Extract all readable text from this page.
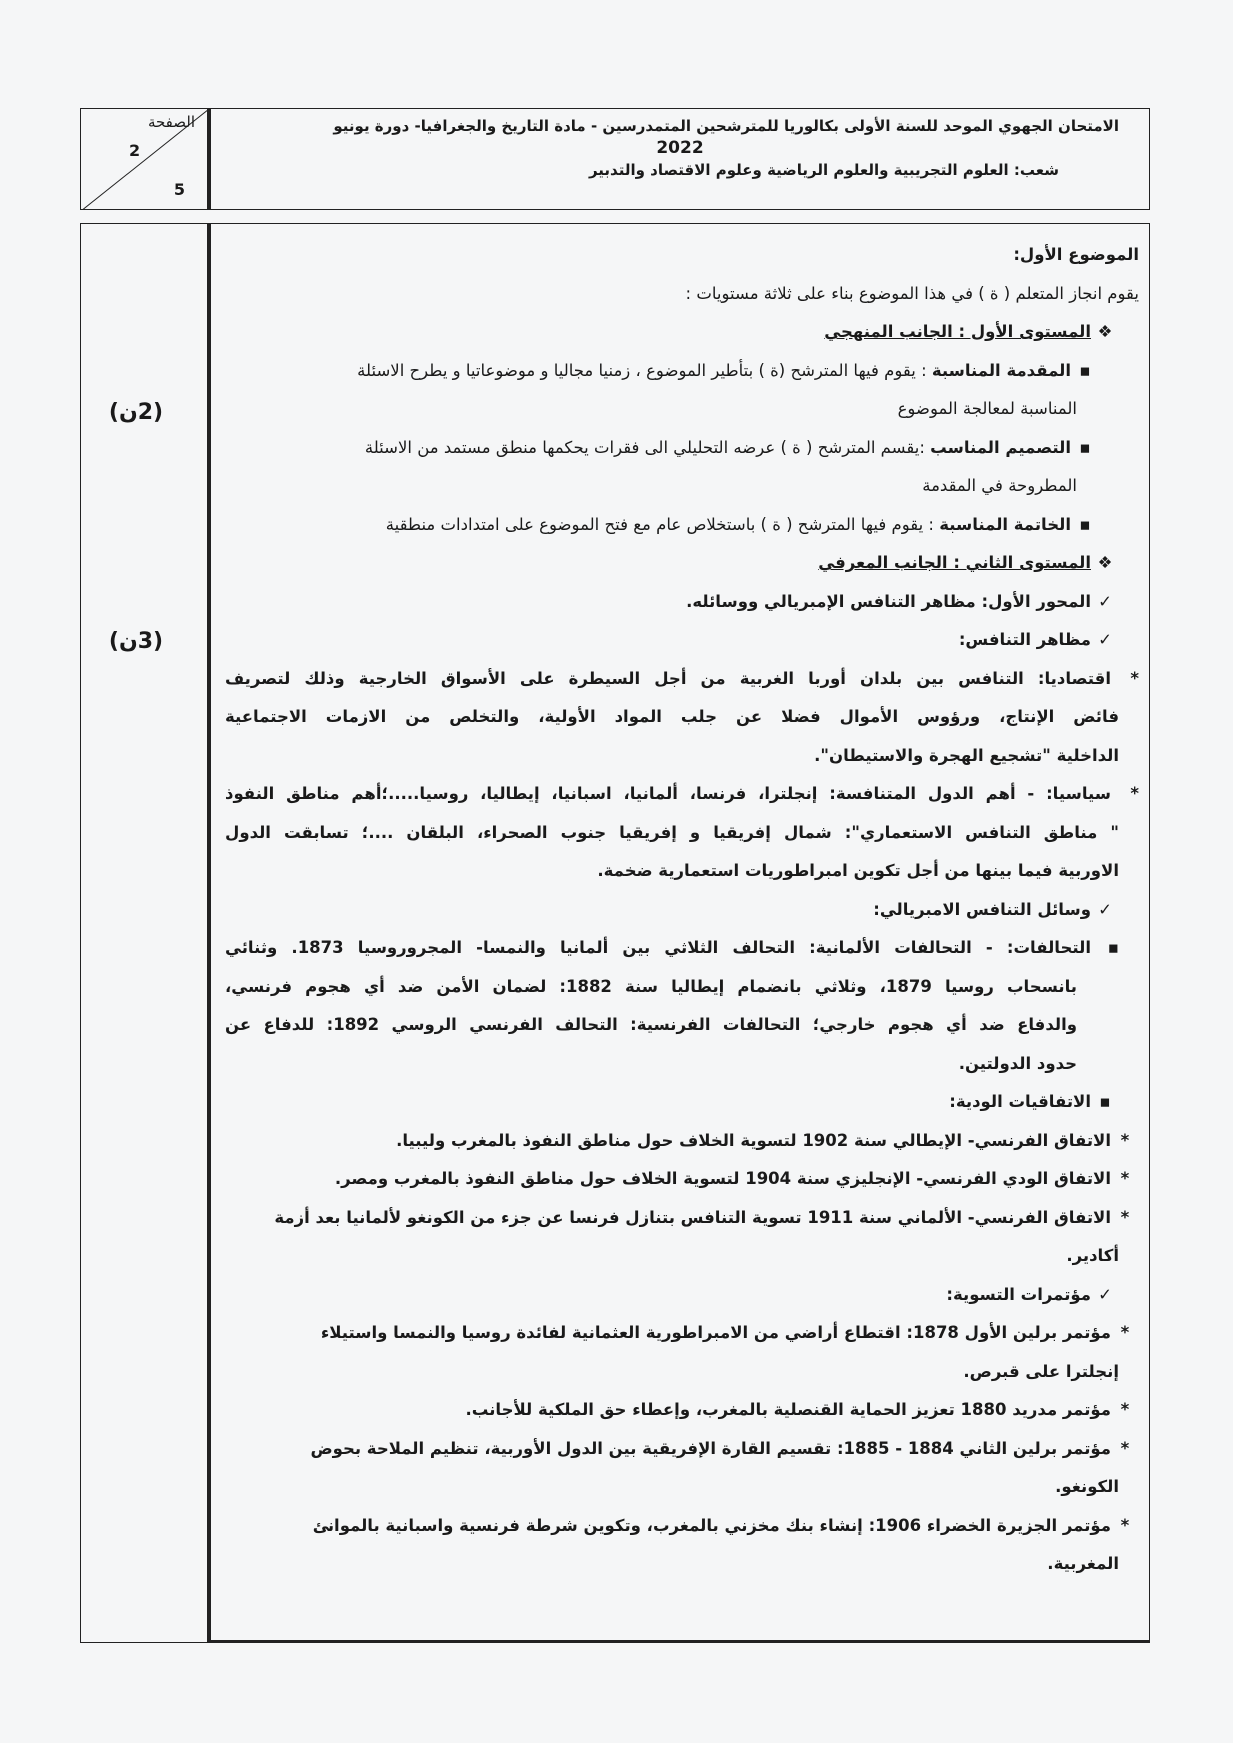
الصفحة
2
5
الامتحان الجهوي الموحد للسنة الأولى بكالوريا للمترشحين المتمدرسين - مادة التاريخ والجغرافيا- دورة يونيو
2022
شعب: العلوم التجريبية والعلوم الرياضية وعلوم الاقتصاد والتدبير
(2ن)
(3ن)
الموضوع الأول:
يقوم انجاز المتعلم ( ة ) في هذا الموضوع بناء على ثلاثة مستويات :
❖المستوى الأول : الجانب المنهجي
▪المقدمة المناسبة : يقوم فيها المترشح (ة ) بتأطير الموضوع ، زمنيا مجاليا و موضوعاتيا و يطرح الاسئلة
المناسبة لمعالجة الموضوع
▪التصميم المناسب :يقسم المترشح ( ة ) عرضه التحليلي الى فقرات يحكمها منطق مستمد من الاسئلة
المطروحة في المقدمة
▪الخاتمة المناسبة : يقوم فيها المترشح ( ة ) باستخلاص عام مع فتح الموضوع على امتدادات منطقية
❖المستوى الثاني : الجانب المعرفي
✓المحور الأول: مظاهر التنافس الإمبريالي ووسائله.
✓مظاهر التنافس:
*اقتصاديا: التنافس بين بلدان أوربا الغربية من أجل السيطرة على الأسواق الخارجية وذلك لتصريف
فائض الإنتاج، ورؤوس الأموال فضلا عن جلب المواد الأولية، والتخلص من الازمات الاجتماعية
الداخلية "تشجيع الهجرة والاستيطان".
*سياسيا: - أهم الدول المتنافسة: إنجلترا، فرنسا، ألمانيا، اسبانيا، إيطاليا، روسيا.....؛أهم مناطق النفوذ
" مناطق التنافس الاستعماري": شمال إفريقيا و إفريقيا جنوب الصحراء، البلقان ....؛ تسابقت الدول
الاوربية فيما بينها من أجل تكوين امبراطوريات استعمارية ضخمة.
✓وسائل التنافس الامبريالي:
▪التحالفات: - التحالفات الألمانية: التحالف الثلاثي بين ألمانيا والنمسا- المجروروسيا 1873. وثنائي
بانسحاب روسيا 1879، وثلاثي بانضمام إيطاليا سنة 1882: لضمان الأمن ضد أي هجوم فرنسي،
والدفاع ضد أي هجوم خارجي؛ التحالفات الفرنسية: التحالف الفرنسي الروسي 1892: للدفاع عن
حدود الدولتين.
▪الاتفاقيات الودية:
*الاتفاق الفرنسي- الإيطالي سنة 1902 لتسوية الخلاف حول مناطق النفوذ بالمغرب وليبيا.
*الاتفاق الودي الفرنسي- الإنجليزي سنة 1904 لتسوية الخلاف حول مناطق النفوذ بالمغرب ومصر.
*الاتفاق الفرنسي- الألماني سنة 1911 تسوية التنافس بتنازل فرنسا عن جزء من الكونغو لألمانيا بعد أزمة
أكادير.
✓مؤتمرات التسوية:
*مؤتمر برلين الأول 1878: اقتطاع أراضي من الامبراطورية العثمانية لفائدة روسيا والنمسا واستيلاء
إنجلترا على قبرص.
*مؤتمر مدريد 1880 تعزيز الحماية القنصلية بالمغرب، وإعطاء حق الملكية للأجانب.
*مؤتمر برلين الثاني 1884 - 1885: تقسيم القارة الإفريقية بين الدول الأوربية، تنظيم الملاحة بحوض
الكونغو.
*مؤتمر الجزيرة الخضراء 1906: إنشاء بنك مخزني بالمغرب، وتكوين شرطة فرنسية واسبانية بالموانئ
المغربية.
